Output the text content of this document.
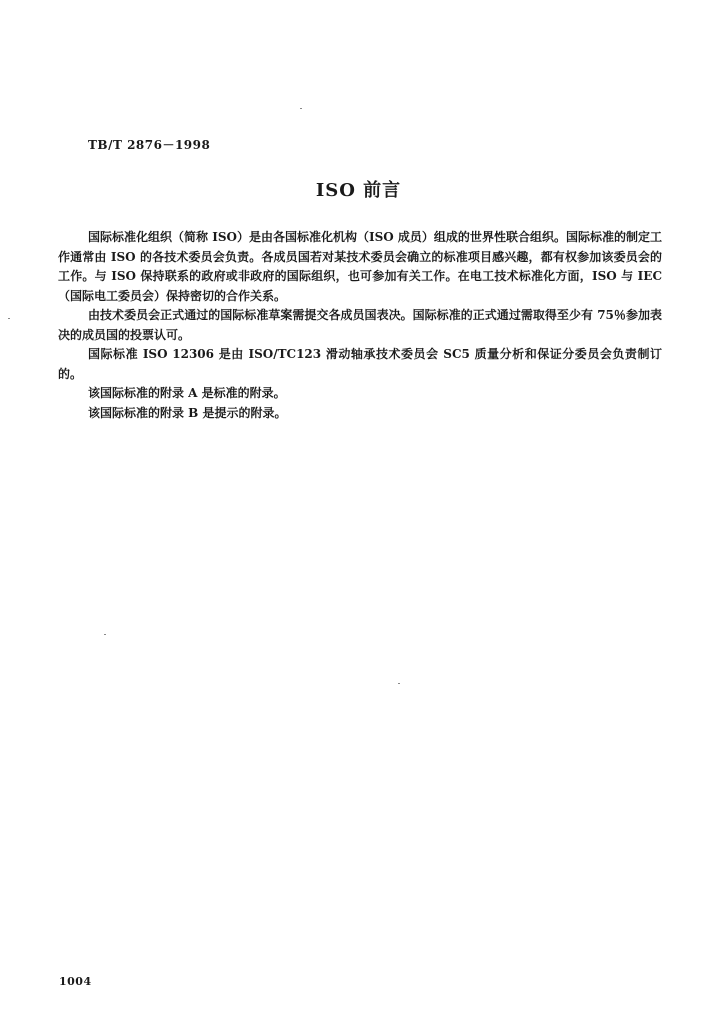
TB/T 2876－1998
ISO 前言

国际标准化组织（简称 ISO）是由各国标准化机构（ISO 成员）组成的世界性联合组织。国际标准的制定工作通常由 ISO 的各技术委员会负责。各成员国若对某技术委员会确立的标准项目感兴趣，都有权参加该委员会的工作。与 ISO 保持联系的政府或非政府的国际组织，也可参加有关工作。在电工技术标准化方面，ISO 与 IEC（国际电工委员会）保持密切的合作关系。

由技术委员会正式通过的国际标准草案需提交各成员国表决。国际标准的正式通过需取得至少有 75％参加表决的成员国的投票认可。

国际标准 ISO 12306 是由 ISO/TC123 滑动轴承技术委员会 SC5 质量分析和保证分委员会负责制订的。

该国际标准的附录 A 是标准的附录。

该国际标准的附录 B 是提示的附录。

1004
